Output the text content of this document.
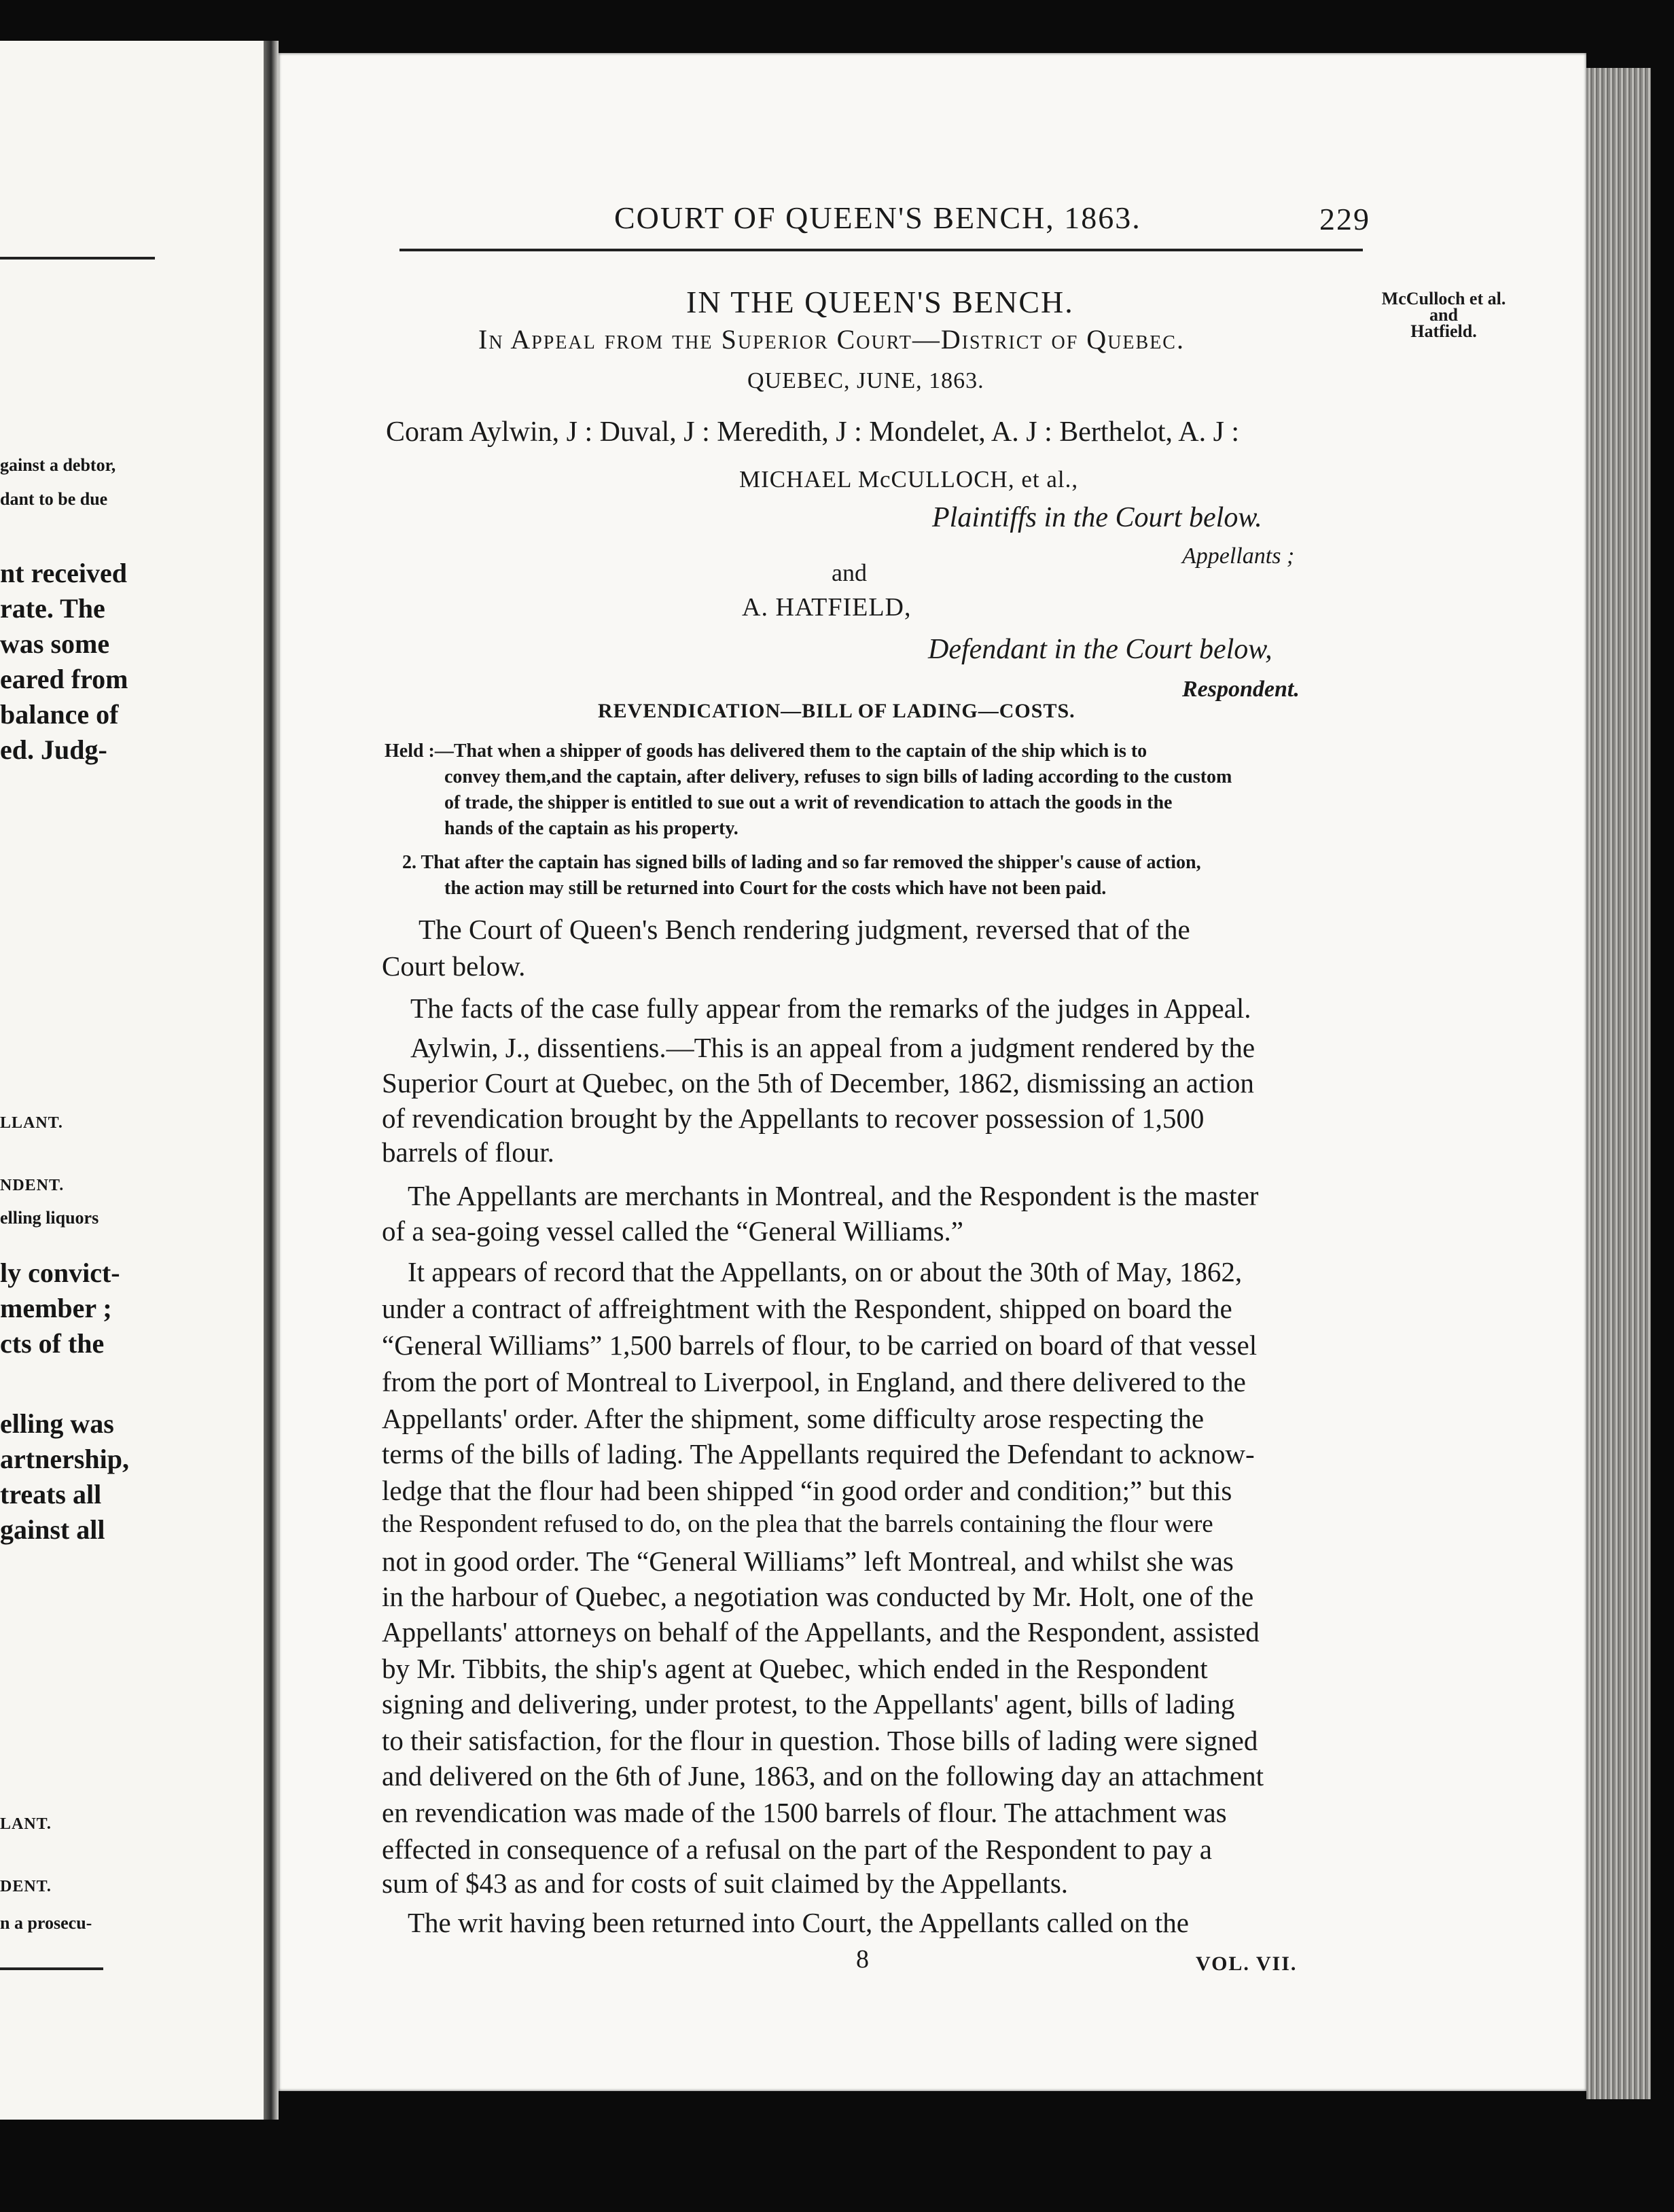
gainst a debtor,
dant to be due
nt received
rate. The
was some
eared from
balance of
ed. Judg-
LLANT.
NDENT.
elling liquors
ly convict-
member ;
cts of the
elling was
artnership,
treats all
gainst all
LANT.
DENT.
n a prosecu-
COURT OF QUEEN'S BENCH, 1863.	229
McCulloch et al.
and
Hatfield.
IN THE QUEEN'S BENCH.
In Appeal from the Superior Court—District of Quebec.
QUEBEC, JUNE, 1863.
Coram Aylwin, J : Duval, J : Meredith, J : Mondelet, A. J : Berthelot, A. J :
MICHAEL McCULLOCH, et al.,
Plaintiffs in the Court below.
Appellants ;
and
A. HATFIELD,
Defendant in the Court below,
Respondent.
REVENDICATION—BILL OF LADING—COSTS.
Held :—That when a shipper of goods has delivered them to the captain of the ship which is to
convey them,and the captain, after delivery, refuses to sign bills of lading according to the custom
of trade, the shipper is entitled to sue out a writ of revendication to attach the goods in the
hands of the captain as his property.
2. That after the captain has signed bills of lading and so far removed the shipper's cause of action,
the action may still be returned into Court for the costs which have not been paid.
The Court of Queen's Bench rendering judgment, reversed that of the
Court below.
The facts of the case fully appear from the remarks of the judges in Appeal.
Aylwin, J., dissentiens.—This is an appeal from a judgment rendered by the
Superior Court at Quebec, on the 5th of December, 1862, dismissing an action
of revendication brought by the Appellants to recover possession of 1,500
barrels of flour.
The Appellants are merchants in Montreal, and the Respondent is the master
of a sea-going vessel called the “General Williams.”
It appears of record that the Appellants, on or about the 30th of May, 1862,
under a contract of affreightment with the Respondent, shipped on board the
“General Williams” 1,500 barrels of flour, to be carried on board of that vessel
from the port of Montreal to Liverpool, in England, and there delivered to the
Appellants' order. After the shipment, some difficulty arose respecting the
terms of the bills of lading. The Appellants required the Defendant to acknow-
ledge that the flour had been shipped “in good order and condition;” but this
the Respondent refused to do, on the plea that the barrels containing the flour were
not in good order. The “General Williams” left Montreal, and whilst she was
in the harbour of Quebec, a negotiation was conducted by Mr. Holt, one of the
Appellants' attorneys on behalf of the Appellants, and the Respondent, assisted
by Mr. Tibbits, the ship's agent at Quebec, which ended in the Respondent
signing and delivering, under protest, to the Appellants' agent, bills of lading
to their satisfaction, for the flour in question. Those bills of lading were signed
and delivered on the 6th of June, 1863, and on the following day an attachment
en revendication was made of the 1500 barrels of flour. The attachment was
effected in consequence of a refusal on the part of the Respondent to pay a
sum of $43 as and for costs of suit claimed by the Appellants.
The writ having been returned into Court, the Appellants called on the
8	VOL. VII.
